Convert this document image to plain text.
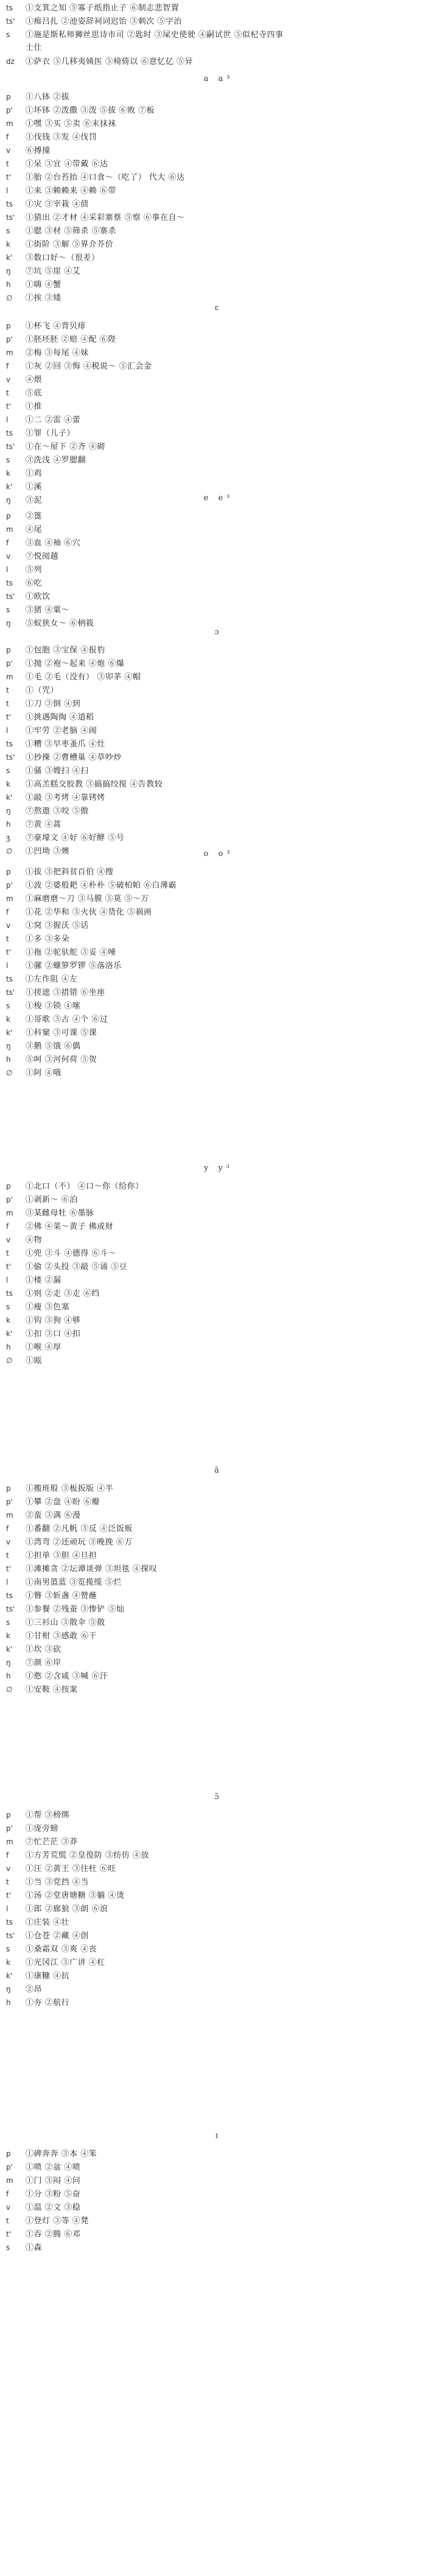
ts ①支箕之知 ⑤寡子纸指止子 ⑥制志悲智置
ts' ①痴吕扎 ②池姿辞祠词迟饴 ③刺次 ⑤字治
s ①施是斯私师狮丝思诗市司 ②匙时 ③屎史使驶 ④嗣试世 ⑤似杞寺四事
士仕
dz ①萨衣 ③几移夷姨医 ⑤椅倚以 ⑥意忆亿 ⑤异
a a³
p ①八钵 ②拔
p' ①坏钵 ②泼撒 ③泼 ⑤拔 ⑥败 ⑦板
m ①嘿 ③买 ⑤卖 ⑥末抹袜
f ①伐钱 ③发 ④伐罚
v ⑥搏撞
t ①呆 ③宜 ④带戴 ⑥达
t' ①胎 ②台苔抬 ④口食～（吃了） 代大 ⑥达
l ①来 ③赖赖来 ④赖 ⑥带
ts ①灾 ③宰栽 ④债
ts' ①猜出 ②才材 ④采彩寨蔡 ⑤察 ⑥事在自～
s ①腮 ③材 ⑤筛杀 ⑤寨杀
k ①街阶 ③解 ⑤界介芥价
k' ③数口好～（很差）
ŋ ⑦坑 ⑤崖 ④艾
h ①嗨 ④蟹
∅ ①挨 ③矮
ɛ
p ①杯飞 ④背贝痱
p' ①胚坯胚 ②赔 ④配 ⑥陛
m ②梅 ③每尾 ④妹
f ①灰 ②回 ③悔 ④税说～ ⑤汇会金
v ④煨
t ⑤底
t' ①推
l ①二 ②雷 ④蕾
ts ①罪（儿子）
ts' ①在～屋下 ②齐 ④砌
s ③洗浅 ④罗腮翻
k ①鸡
k' ①溪
ŋ ③泥	e e³
p ②篦
m ④尾
f ③血 ④袖 ⑥穴
v ⑦悦阅越
l ⑤列
ts ⑥吃
ts' ①欧饮
s ③猪 ④粟～
ŋ ⑤蚁狭女～ ⑥柄筱
ɔ
p ①包胞 ③宝保 ④报豹
p' ①抛 ②袍～起来 ④炮 ⑥爆
m ①毛 ②毛（没有） ③卯茅 ④帽
t ①（咒）
t ①刀 ③倒 ④到
t' ①挑遇陶掏 ④道稻
l ①牢劳 ②老脑 ④闹
ts ①糟 ③早枣蚤爪 ④灶
ts' ①抄操 ②曹槽巢 ④草吵炒
s ①骚 ③嫂扫 ④扫
k ①高羔糕交胶教 ③搞搞绞搅 ④告教较
k' ①敲 ③考烤 ④靠铐烤
ŋ ⑦熬遨 ③咬 ⑤傲
h ⑦黄 ④蒿
ʒ ⑦豪壕文 ④好 ⑥好酵 ⑤号
∅ ①凹坳 ③燠	o o³
p ①拔 ③把斜贫百伯 ④搜
p' ①波 ②婆般耙 ④朴朴 ⑤破柏帕 ⑥白薄霸
m ①麻磨磨～刀 ③马膜 ⑤莫 ⑤～万
f ①花 ②华和 ③火伙 ④货化 ⑤祸画
v ①窝 ③握沃 ⑤话
t ①多 ③多朵
t' ①拖 ②驼驮舵 ③妥 ④唾
l ①骡 ②螺箩罗锣 ⑤落洛乐
ts ①左作阻 ④左
ts' ①搓遮 ③措错 ⑥坐座
s ①梭 ③锁 ④嗦
k ①哥歌 ③古 ④个 ⑥过
k' ①科窠 ③可课 ⑤课
ŋ ③鹅 ⑤饿 ⑥偶
h ⑤呵 ③河何荷 ⑤贺
∅ ①阿 ④哦
y y³
p ①北口（不） ④口～你（给你）
p' ①剥新～ ⑥泊
m ③某雌母牡 ⑥墨脉
f ②佛 ④菜～黄子 佛或财
v ④物
t ①兜 ③斗 ④德得 ⑥斗～
t' ①偷 ②头投 ③敲 ⑤诵 ⑤豆
l ①楼 ②漏
ts ①则 ②走 ③走 ⑥绉
s ①瘦 ③色塞
k ①钩 ③狗 ④够
k' ①扣 ③口 ④扣
h ①喉 ④厚
∅ ①瓯
ã
p ①搬班般 ③板扳版 ④半
p' ①攀 ②盘 ④盼 ⑥瓣
m ②蛮 ③满 ⑥漫
f ①番翻 ②凡帆 ③反 ④泛饭贩
v ①湾弯 ②还顽玩 ③晚挽 ⑥万
t ①担单 ③胆 ④旦担
t' ①滩摊贪 ②坛谭谈弹 ③坦毯 ④探叹
l ①南男篮蓝 ③览揽缆 ⑤烂
ts ①簪 ③斩盏 ④赞蘸
ts' ①参餐 ②残蚕 ③惨铲 ⑤灿
s ①三衫山 ③散伞 ⑤散
k ①甘柑 ③感敢 ⑥干
k' ①坎 ③砍
ŋ ⑦颜 ⑥岸
h ①憨 ②含咸 ③喊 ⑥汗
∅ ①安鞍 ④按案
ɔ̃
p ①帮 ③榜绑
p' ①庞旁螃
m ⑦忙芒茫 ③莽
f ①方芳荒慌 ②皇徨防 ③纺仿 ④放
v ①汪 ②黄王 ③往枉 ⑥旺
t ①当 ③党挡 ④当
t' ①汤 ②堂唐塘糖 ③躺 ④烫
l ①郎 ②廊狼 ③朗 ⑥浪
ts ①庄装 ④壮
ts' ①仓苍 ②藏 ④创
s ①桑霜双 ③爽 ④丧
k ①光冈江 ③广讲 ④杠
k' ①康糠 ④抗
ŋ ②昂
h ①夯 ②航行
ɪ
p ①碑奔奔 ③本 ④笨
p' ①喷 ②盆 ④喷
m ①门 ③闷 ④问
f ①分 ③粉 ⑤奋
v ①温 ②文 ③稳
t ①登灯 ③等 ④凳
t' ①吞 ②腾 ⑥邓
s ①森
